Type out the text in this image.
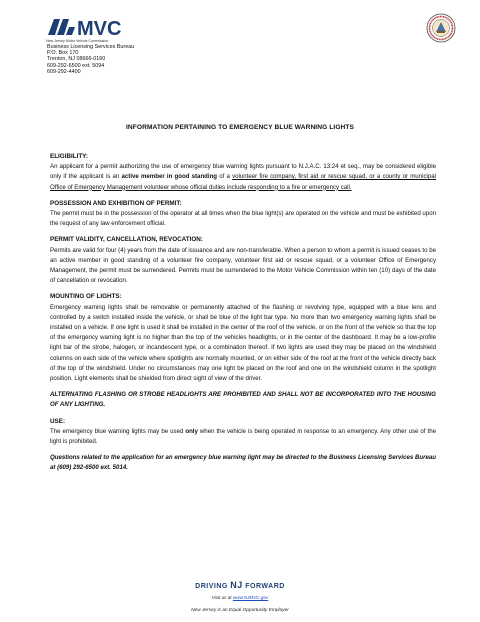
MVC
New Jersey Motor Vehicle Commission
Business Licensing Services Bureau
P.O. Box 170
Trenton, NJ 08666-0160
609-292-6500 ext. 5094
609-292-4400
INFORMATION PERTAINING TO EMERGENCY BLUE WARNING LIGHTS
ELIGIBILITY:

An applicant for a permit authorizing the use of emergency blue warning lights pursuant to N.J.A.C. 13:24 et seq., may be considered eligible only if the applicant is an active member in good standing of a volunteer fire company, first aid or rescue squad, or a county or municipal Office of Emergency Management volunteer whose official duties include responding to a fire or emergency call.

POSSESSION AND EXHIBITION OF PERMIT:

The permit must be in the possession of the operator at all times when the blue light(s) are operated on the vehicle and must be exhibited upon the request of any law enforcement official.

PERMIT VALIDITY, CANCELLATION, REVOCATION:

Permits are valid for four (4) years from the date of issuance and are non-transferable. When a person to whom a permit is issued ceases to be an active member in good standing of a volunteer fire company, volunteer first aid or rescue squad, or a volunteer Office of Emergency Management, the permit must be surrendered. Permits must be surrendered to the Motor Vehicle Commission within ten (10) days of the date of cancellation or revocation.

MOUNTING OF LIGHTS:

Emergency warning lights shall be removable or permanently attached of the flashing or revolving type, equipped with a blue lens and controlled by a switch installed inside the vehicle, or shall be blue of the light bar type. No more than two emergency warning lights shall be installed on a vehicle. If one light is used it shall be installed in the center of the roof of the vehicle, or on the front of the vehicle so that the top of the emergency warning light is no higher than the top of the vehicles headlights, or in the center of the dashboard. It may be a low-profile light bar of the strobe, halogen, or incandescent type, or a combination thereof. If two lights are used they may be placed on the windshield columns on each side of the vehicle where spotlights are normally mounted, or on either side of the roof at the front of the vehicle directly back of the top of the windshield. Under no circumstances may one light be placed on the roof and one on the windshield column in the spotlight position. Light elements shall be shielded from direct sight of view of the driver.

ALTERNATING FLASHING OR STROBE HEADLIGHTS ARE PROHIBITED AND SHALL NOT BE INCORPORATED INTO THE HOUSING OF ANY LIGHTING.

USE:

The emergency blue warning lights may be used only when the vehicle is being operated in response to an emergency. Any other use of the light is prohibited.

Questions related to the application for an emergency blue warning light may be directed to the Business Licensing Services Bureau at (609) 292-6500 ext. 5014.

DRIVING NJ FORWARD
Visit us at www.NJMVC.gov
New Jersey is an Equal Opportunity Employer
